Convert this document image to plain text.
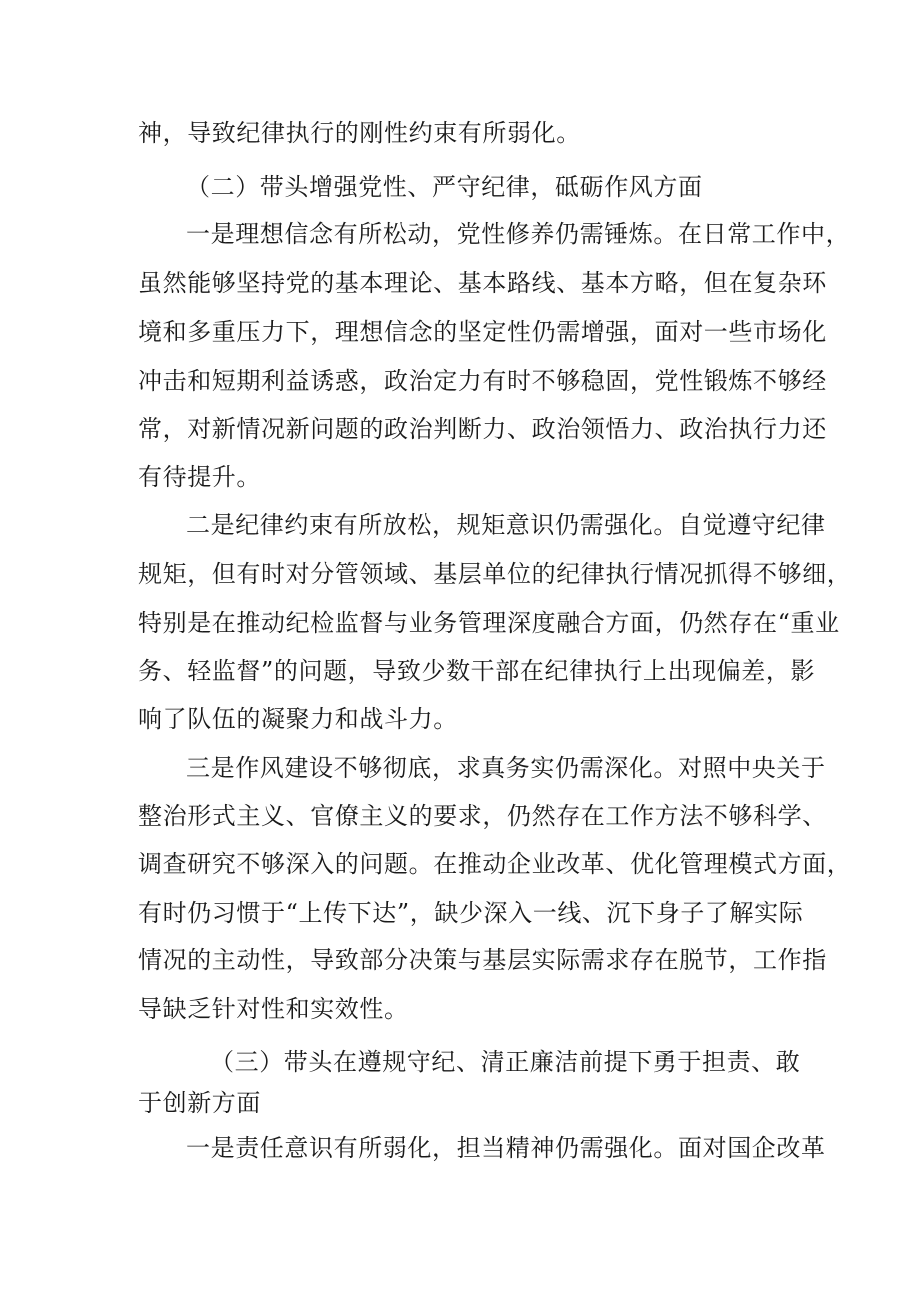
神，导致纪律执行的刚性约束有所弱化。
（二）带头增强党性、严守纪律，砥砺作风方面
一是理想信念有所松动，党性修养仍需锤炼。在日常工作中，
虽然能够坚持党的基本理论、基本路线、基本方略，但在复杂环
境和多重压力下，理想信念的坚定性仍需增强，面对一些市场化
冲击和短期利益诱惑，政治定力有时不够稳固，党性锻炼不够经
常，对新情况新问题的政治判断力、政治领悟力、政治执行力还
有待提升。
二是纪律约束有所放松，规矩意识仍需强化。自觉遵守纪律
规矩，但有时对分管领域、基层单位的纪律执行情况抓得不够细，
特别是在推动纪检监督与业务管理深度融合方面，仍然存在“重业
务、轻监督”的问题，导致少数干部在纪律执行上出现偏差，影
响了队伍的凝聚力和战斗力。
三是作风建设不够彻底，求真务实仍需深化。对照中央关于
整治形式主义、官僚主义的要求，仍然存在工作方法不够科学、
调查研究不够深入的问题。在推动企业改革、优化管理模式方面，
有时仍习惯于“上传下达”，缺少深入一线、沉下身子了解实际
情况的主动性，导致部分决策与基层实际需求存在脱节，工作指
导缺乏针对性和实效性。
（三）带头在遵规守纪、清正廉洁前提下勇于担责、敢
于创新方面
一是责任意识有所弱化，担当精神仍需强化。面对国企改革
